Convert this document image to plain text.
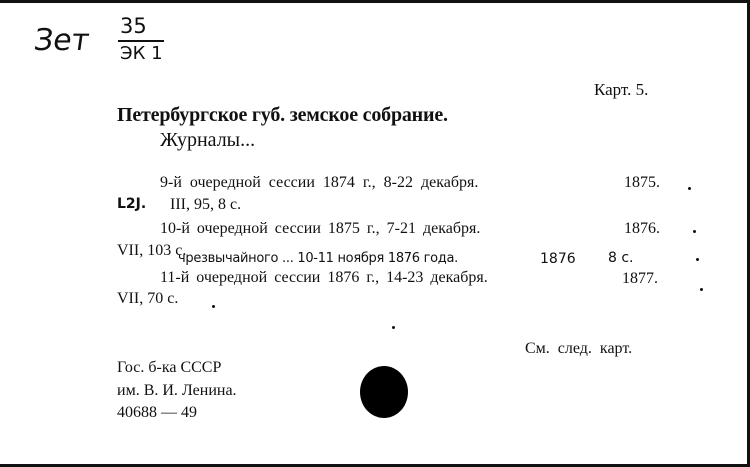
Зет 35
ЭК 1
Карт. 5.
Петербургское губ. земское собрание.
Журналы...
9-й очередной сессии 1874 г., 8-22 декабря.	1875.
L2J. III, 95, 8 с.
10-й очередной сессии 1875 г., 7-21 декабря.	1876.
VII, 103 с.
чрезвычайного ... 10-11 ноября 1876 года.	1876 8 с.
11-й очередной сессии 1876 г., 14-23 декабря.	1877.
VII, 70 с.
См. след. карт.
Гос. б-ка СССР
им. В. И. Ленина.
40688 — 49
